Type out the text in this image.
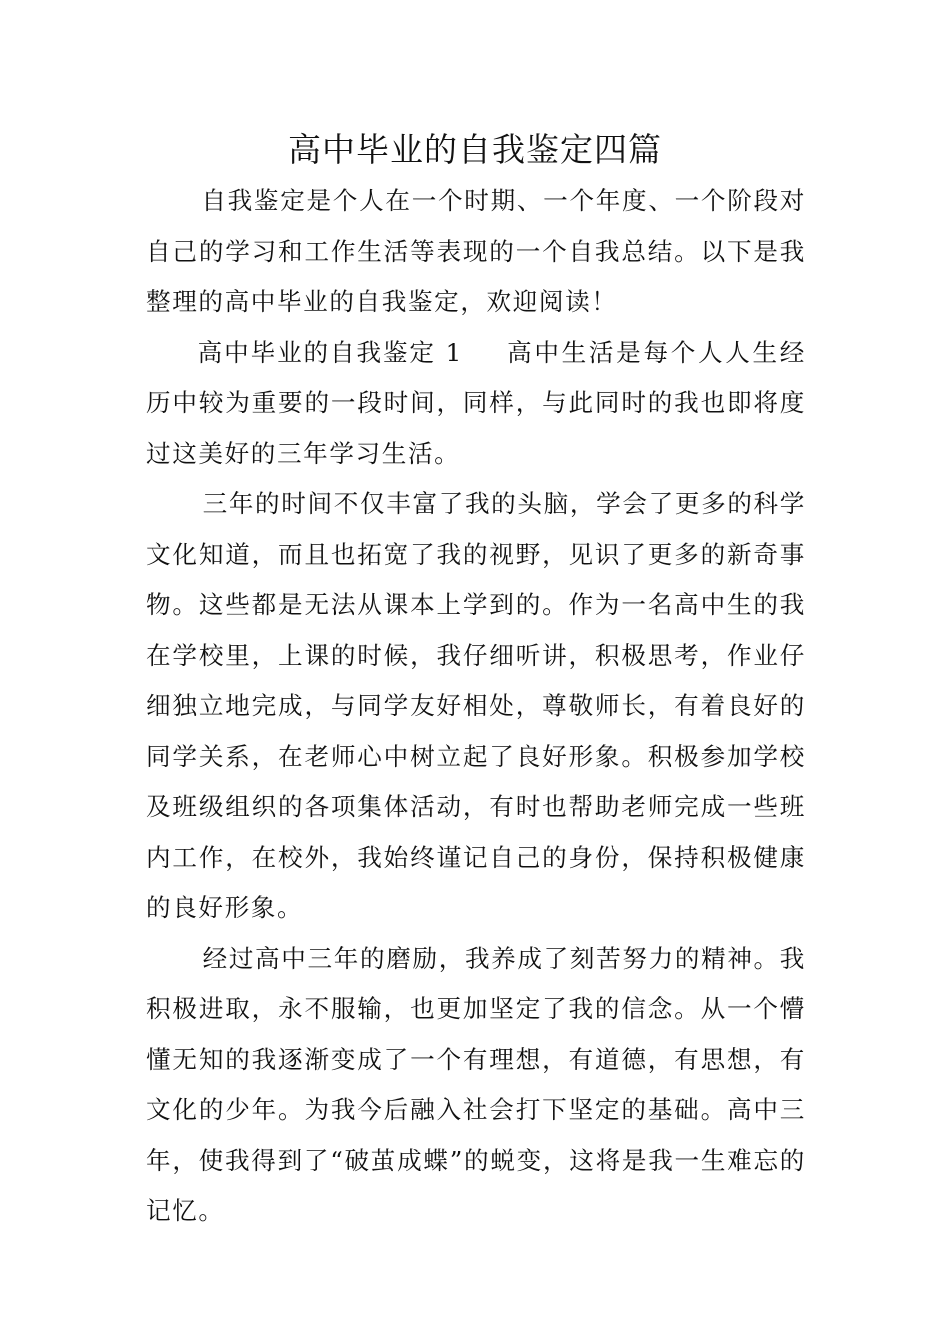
高中毕业的自我鉴定四篇

自我鉴定是个人在一个时期、一个年度、一个阶段对自己的学习和工作生活等表现的一个自我总结。以下是我整理的高中毕业的自我鉴定，欢迎阅读！

高中毕业的自我鉴定 1 高中生活是每个人人生经历中较为重要的一段时间，同样，与此同时的我也即将度过这美好的三年学习生活。

三年的时间不仅丰富了我的头脑，学会了更多的科学文化知道，而且也拓宽了我的视野，见识了更多的新奇事物。这些都是无法从课本上学到的。作为一名高中生的我在学校里，上课的时候，我仔细听讲，积极思考，作业仔细独立地完成，与同学友好相处，尊敬师长，有着良好的同学关系，在老师心中树立起了良好形象。积极参加学校及班级组织的各项集体活动，有时也帮助老师完成一些班内工作，在校外，我始终谨记自己的身份，保持积极健康的良好形象。

经过高中三年的磨励，我养成了刻苦努力的精神。我积极进取，永不服输，也更加坚定了我的信念。从一个懵懂无知的我逐渐变成了一个有理想，有道德，有思想，有文化的少年。为我今后融入社会打下坚定的基础。高中三年，使我得到了“破茧成蝶”的蜕变，这将是我一生难忘的记忆。
